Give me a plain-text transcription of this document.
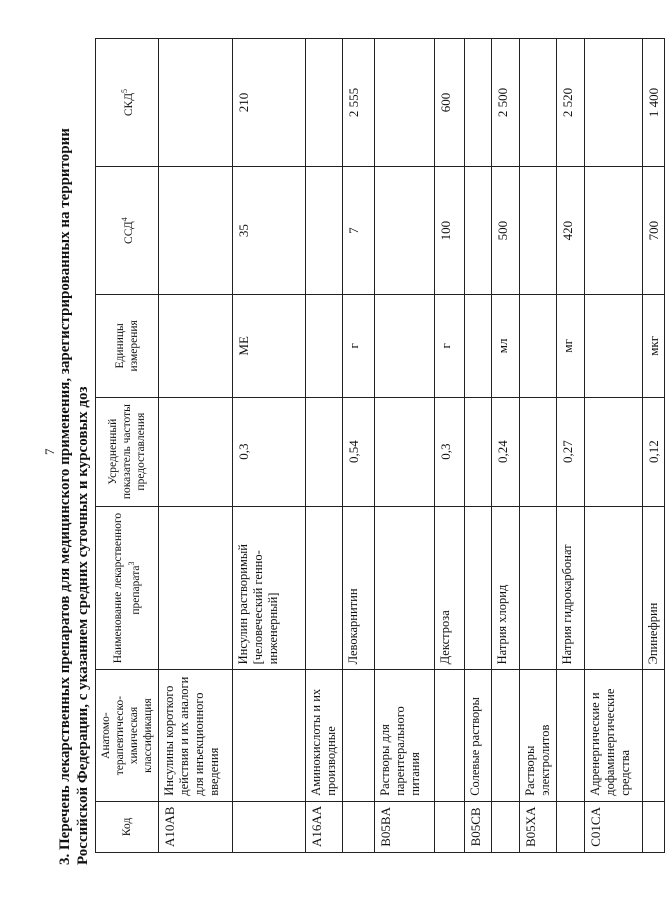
7 3. Перечень лекарственных препаратов для медицинского применения, зарегистрированных на территории Российской Федерации, с указанием средних суточных и курсовых доз	Код	Анатомо-терапевтическо-химическая классификация	Наименование лекарственного препарата$^3$	Усредненный показатель частоты предоставления	Единицы измерения	ССД$^4$	СКД$^5$
A10AB	Инсулины короткого действия и их аналоги для инъекционного введения					
		Инсулин растворимый [человеческий генно-инженерный]	0,3	МЕ	35	210
A16AA	Аминокислоты и их производные					
		Левокарнитин	0,54	г	7	2 555
B05BA	Растворы для парентерального питания					
		Декстроза	0,3	г	100	600
B05CB	Солевые растворы					
		Натрия хлорид	0,24	мл	500	2 500
B05XA	Растворы электролитов					
		Натрия гидрокарбонат	0,27	мг	420	2 520
C01CA	Адренергические и дофаминергические средства					
		Эпинефрин	0,12	мкг	700	1 400
